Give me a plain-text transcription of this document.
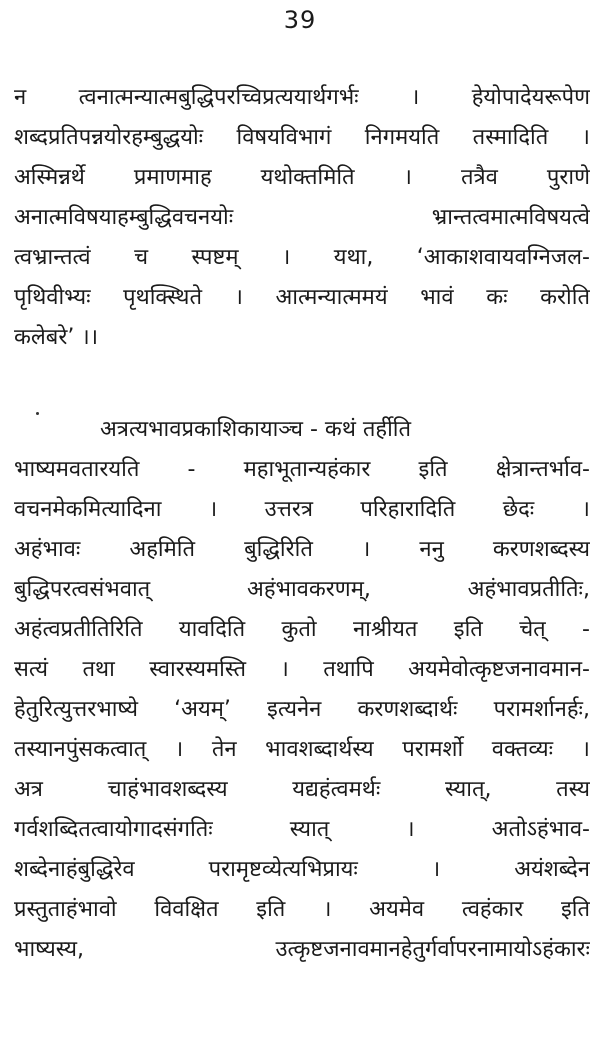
39
न त्वनात्मन्यात्मबुद्धिपरच्विप्रत्ययार्थगर्भः । हेयोपादेयरूपेण
शब्दप्रतिपन्नयोरहम्बुद्धयोः विषयविभागं निगमयति तस्मादिति ।
अस्मिन्नर्थे प्रमाणमाह यथोक्तमिति । तत्रैव पुराणे
अनात्मविषयाहम्बुद्धिवचनयोः भ्रान्तत्वमात्मविषयत्वे
त्वभ्रान्तत्वं च स्पष्टम् । यथा, ‘आकाशवायवग्निजल-
पृथिवीभ्यः पृथक्स्थिते । आत्मन्यात्ममयं भावं कः करोति
कलेबरे’ ।।
अत्रत्यभावप्रकाशिकायाञ्च - कथं तर्हीति
भाष्यमवतारयति - महाभूतान्यहंकार इति क्षेत्रान्तर्भाव-
वचनमेकमित्यादिना । उत्तरत्र परिहारादिति छेदः ।
अहंभावः अहमिति बुद्धिरिति । ननु करणशब्दस्य
बुद्धिपरत्वसंभवात् अहंभावकरणम्, अहंभावप्रतीतिः,
अहंत्वप्रतीतिरिति यावदिति कुतो नाश्रीयत इति चेत् -
सत्यं तथा स्वारस्यमस्ति । तथापि अयमेवोत्कृष्टजनावमान-
हेतुरित्युत्तरभाष्ये ‘अयम्’ इत्यनेन करणशब्दार्थः परामर्शानर्हः,
तस्यानपुंसकत्वात् । तेन भावशब्दार्थस्य परामर्शो वक्तव्यः ।
अत्र चाहंभावशब्दस्य यद्यहंत्वमर्थः स्यात्, तस्य
गर्वशब्दितत्वायोगादसंगतिः स्यात् । अतोऽहंभाव-
शब्देनाहंबुद्धिरेव परामृष्टव्येत्यभिप्रायः । अयंशब्देन
प्रस्तुताहंभावो विवक्षित इति । अयमेव त्वहंकार इति
भाष्यस्य, उत्कृष्टजनावमानहेतुर्गर्वापरनामायोऽहंकारः
